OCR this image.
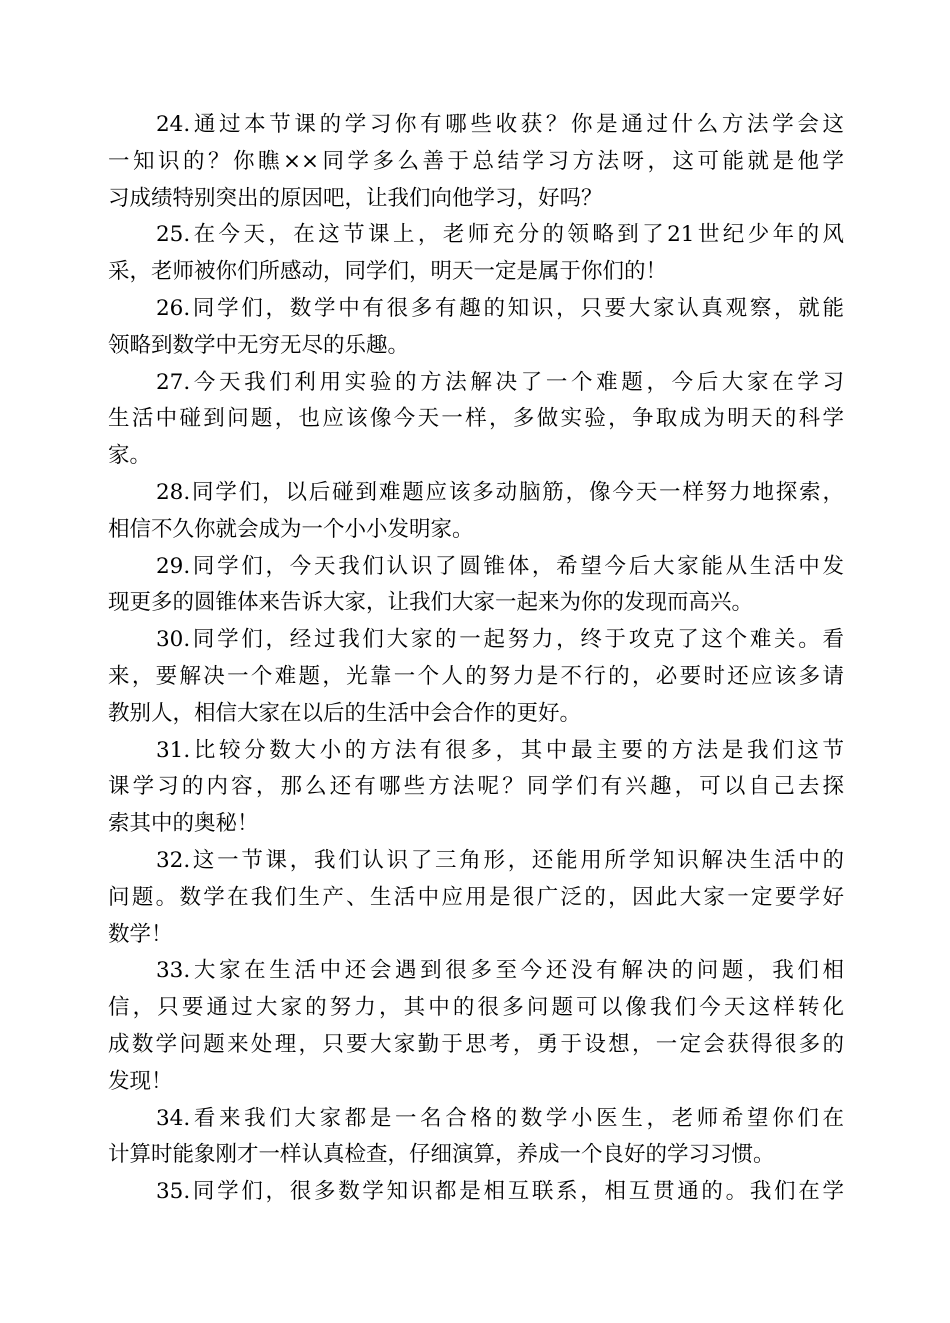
24.通过本节课的学习你有哪些收获？你是通过什么方法学会这
一知识的？你瞧××同学多么善于总结学习方法呀，这可能就是他学
习成绩特别突出的原因吧，让我们向他学习，好吗？
25.在今天，在这节课上，老师充分的领略到了21世纪少年的风
采，老师被你们所感动，同学们，明天一定是属于你们的！
26.同学们，数学中有很多有趣的知识，只要大家认真观察，就能
领略到数学中无穷无尽的乐趣。
27.今天我们利用实验的方法解决了一个难题，今后大家在学习
生活中碰到问题，也应该像今天一样，多做实验，争取成为明天的科学
家。
28.同学们，以后碰到难题应该多动脑筋，像今天一样努力地探索，
相信不久你就会成为一个小小发明家。
29.同学们，今天我们认识了圆锥体，希望今后大家能从生活中发
现更多的圆锥体来告诉大家，让我们大家一起来为你的发现而高兴。
30.同学们，经过我们大家的一起努力，终于攻克了这个难关。看
来，要解决一个难题，光靠一个人的努力是不行的，必要时还应该多请
教别人，相信大家在以后的生活中会合作的更好。
31.比较分数大小的方法有很多，其中最主要的方法是我们这节
课学习的内容，那么还有哪些方法呢？同学们有兴趣，可以自己去探
索其中的奥秘！
32.这一节课，我们认识了三角形，还能用所学知识解决生活中的
问题。数学在我们生产、生活中应用是很广泛的，因此大家一定要学好
数学！
33.大家在生活中还会遇到很多至今还没有解决的问题，我们相
信，只要通过大家的努力，其中的很多问题可以像我们今天这样转化
成数学问题来处理，只要大家勤于思考，勇于设想，一定会获得很多的
发现！
34.看来我们大家都是一名合格的数学小医生，老师希望你们在
计算时能象刚才一样认真检查，仔细演算，养成一个良好的学习习惯。
35.同学们，很多数学知识都是相互联系，相互贯通的。我们在学
